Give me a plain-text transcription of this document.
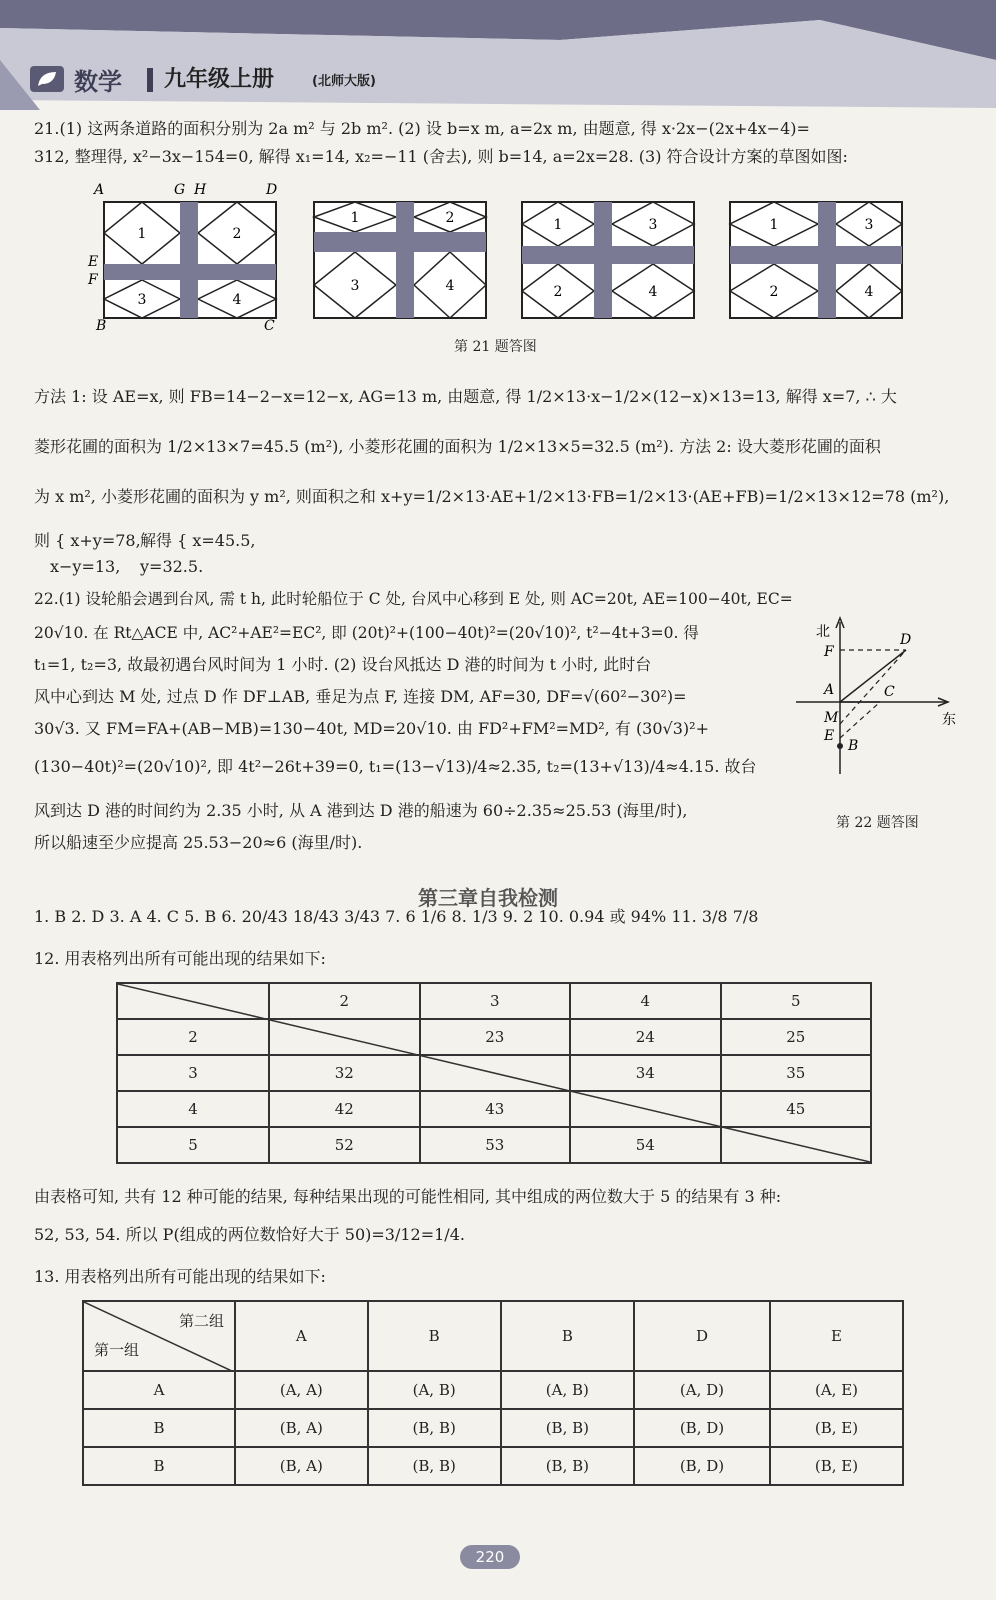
数学 九年级上册	(北师大版)
21.(1) 这两条道路的面积分别为 2a m² 与 2b m². (2) 设 b=x m, a=2x m, 由题意, 得 x·2x−(2x+4x−4)=
312, 整理得, x²−3x−154=0, 解得 x₁=14, x₂=−11 (舍去), 则 b=14, a=2x=28. (3) 符合设计方案的草图如图:
A	G H	D
E
F
B	C
1	2
3	4
1	2
3	4
1	3
2	4
1	3
2	4
第 21 题答图
方法 1: 设 AE=x, 则 FB=14−2−x=12−x, AG=13 m, 由题意, 得 1/2×13·x−1/2×(12−x)×13=13, 解得 x=7, ∴ 大
菱形花圃的面积为 1/2×13×7=45.5 (m²), 小菱形花圃的面积为 1/2×13×5=32.5 (m²). 方法 2: 设大菱形花圃的面积
为 x m², 小菱形花圃的面积为 y m², 则面积之和 x+y=1/2×13·AE+1/2×13·FB=1/2×13·(AE+FB)=1/2×13×12=78 (m²),
则 { x+y=78,
x−y=13,
解得 { x=45.5,
y=32.5.
22.(1) 设轮船会遇到台风, 需 t h, 此时轮船位于 C 处, 台风中心移到 E 处, 则 AC=20t, AE=100−40t, EC=
20√10. 在 Rt△ACE 中, AC²+AE²=EC², 即 (20t)²+(100−40t)²=(20√10)², t²−4t+3=0. 得
t₁=1, t₂=3, 故最初遇台风时间为 1 小时. (2) 设台风抵达 D 港的时间为 t 小时, 此时台
风中心到达 M 处, 过点 D 作 DF⊥AB, 垂足为点 F, 连接 DM, AF=30, DF=√(60²−30²)=
30√3. 又 FM=FA+(AB−MB)=130−40t, MD=20√10. 由 FD²+FM²=MD², 有 (30√3)²+
(130−40t)²=(20√10)², 即 4t²−26t+39=0, t₁=(13−√13)/4≈2.35, t₂=(13+√13)/4≈4.15. 故台
风到达 D 港的时间约为 2.35 小时, 从 A 港到达 D 港的船速为 60÷2.35≈25.53 (海里/时),
所以船速至少应提高 25.53−20≈6 (海里/时).
北
东
F
D
A	C
M
E
B
第 22 题答图
第三章自我检测
1. B 2. D 3. A 4. C 5. B 6. 20/43 18/43 3/43 7. 6 1/6 8. 1/3 9. 2 10. 0.94 或 94% 11. 3/8 7/8
12. 用表格列出所有可能出现的结果如下:
	2	3	4	5
2		23	24	25
3	32		34	35
4	42	43		45
5	52	53	54	
由表格可知, 共有 12 种可能的结果, 每种结果出现的可能性相同, 其中组成的两位数大于 5 的结果有 3 种:
52, 53, 54. 所以 P(组成的两位数恰好大于 50)=3/12=1/4.
13. 用表格列出所有可能出现的结果如下:
第二组
第一组	A	B	B	D	E
A	(A, A)	(A, B)	(A, B)	(A, D)	(A, E)
B	(B, A)	(B, B)	(B, B)	(B, D)	(B, E)
B	(B, A)	(B, B)	(B, B)	(B, D)	(B, E)
220
